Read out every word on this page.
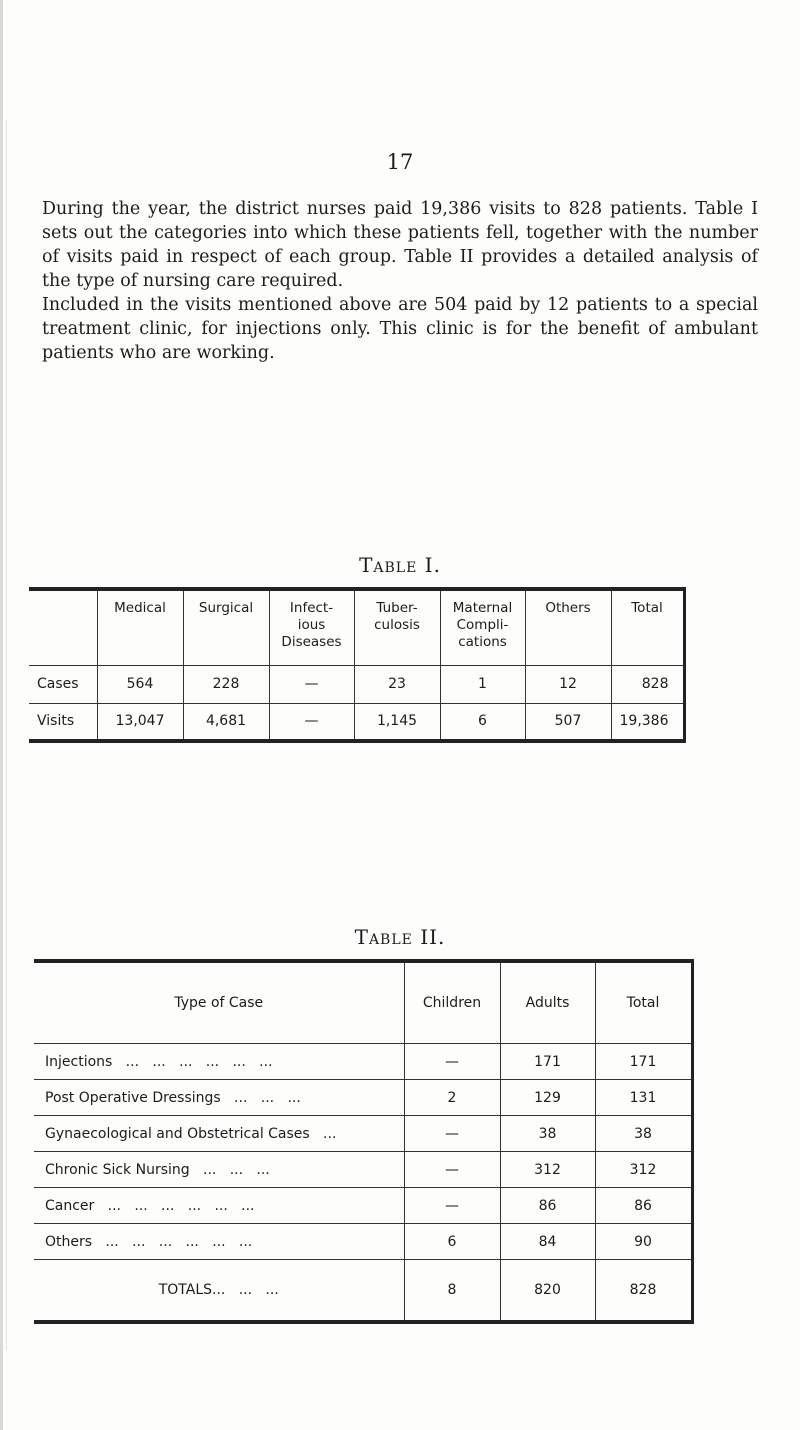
17

During the year, the district nurses paid 19,386 visits to 828 patients. Table I sets out the categories into which these patients fell, together with the number of visits paid in respect of each group. Table II provides a detailed analysis of the type of nursing care required.

Included in the visits mentioned above are 504 paid by 12 patients to a special treatment clinic, for injections only. This clinic is for the benefit of ambulant patients who are working.

Table I.
	Medical	Surgical	Infect-
ious
Diseases	Tuber-
culosis	Maternal
Compli-
cations	Others	Total
Cases	564	228	—	23	1	12	828
Visits	13,047	4,681	—	1,145	6	507	19,386
Table II.
Type of Case	Children	Adults	Total
Injections   ...   ...   ...   ...   ...   ...	—	171	171
Post Operative Dressings   ...   ...   ...	2	129	131
Gynaecological and Obstetrical Cases   ...	—	38	38
Chronic Sick Nursing   ...   ...   ...	—	312	312
Cancer   ...   ...   ...   ...   ...   ...	—	86	86
Others   ...   ...   ...   ...   ...   ...	6	84	90
TOTALS...   ...   ...	8	820	828
